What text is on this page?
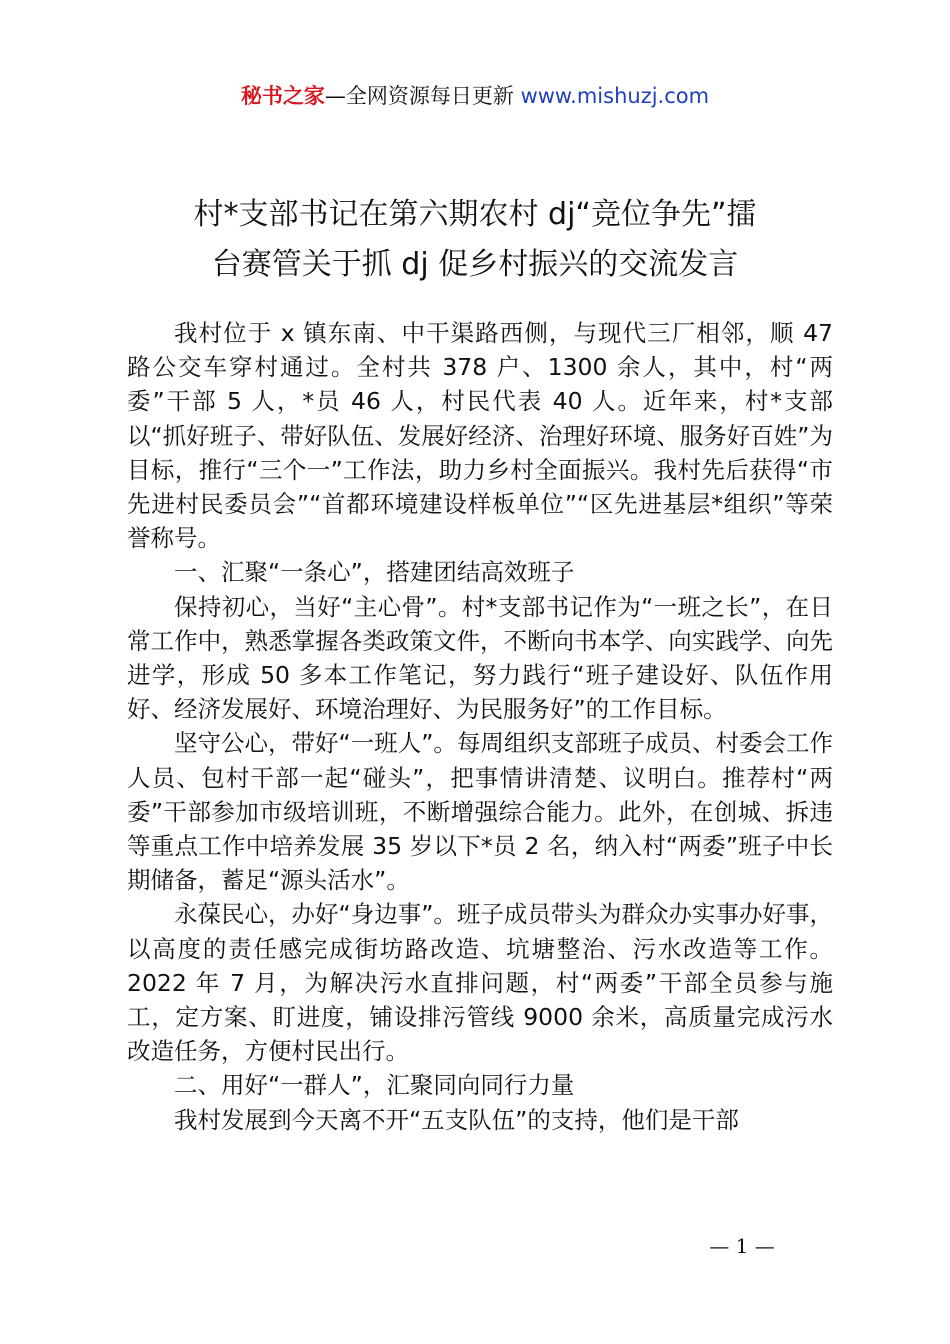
秘书之家—全网资源每日更新 www.mishuzj.com
村*支部书记在第六期农村 dj“竞位争先”擂
台赛管关于抓 dj 促乡村振兴的交流发言

我村位于 x 镇东南、中干渠路西侧，与现代三厂相邻，顺 47 路公交车穿村通过。全村共 378 户、1300 余人，其中，村“两委”干部 5 人，*员 46 人，村民代表 40 人。近年来，村*支部以“抓好班子、带好队伍、发展好经济、治理好环境、服务好百姓”为目标，推行“三个一”工作法，助力乡村全面振兴。我村先后获得“市先进村民委员会”“首都环境建设样板单位”“区先进基层*组织”等荣誉称号。

一、汇聚“一条心”，搭建团结高效班子

保持初心，当好“主心骨”。村*支部书记作为“一班之长”，在日常工作中，熟悉掌握各类政策文件，不断向书本学、向实践学、向先进学，形成 50 多本工作笔记，努力践行“班子建设好、队伍作用好、经济发展好、环境治理好、为民服务好”的工作目标。

坚守公心，带好“一班人”。每周组织支部班子成员、村委会工作人员、包村干部一起“碰头”，把事情讲清楚、议明白。推荐村“两委”干部参加市级培训班，不断增强综合能力。此外，在创城、拆违等重点工作中培养发展 35 岁以下*员 2 名，纳入村“两委”班子中长期储备，蓄足“源头活水”。

永葆民心，办好“身边事”。班子成员带头为群众办实事办好事，以高度的责任感完成街坊路改造、坑塘整治、污水改造等工作。2022 年 7 月，为解决污水直排问题，村“两委”干部全员参与施工，定方案、盯进度，铺设排污管线 9000 余米，高质量完成污水改造任务，方便村民出行。

二、用好“一群人”，汇聚同向同行力量

我村发展到今天离不开“五支队伍”的支持，他们是干部

— 1 —
